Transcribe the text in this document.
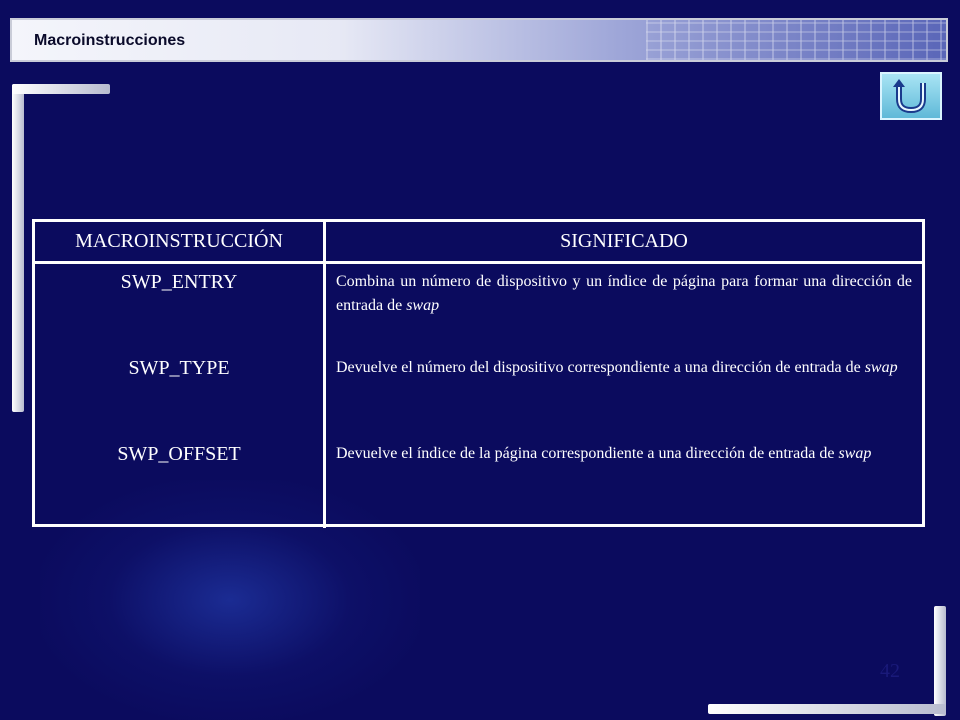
Macroinstrucciones
MACROINSTRUCCIÓN	SIGNIFICADO
SWP_ENTRY
SWP_TYPE
SWP_OFFSET
Combina un número de dispositivo y un índice de página para formar una dirección de entrada de swap
Devuelve el número del dispositivo correspondiente a una dirección de entrada de swap
Devuelve el índice de la página correspondiente a una dirección de entrada de swap
42
